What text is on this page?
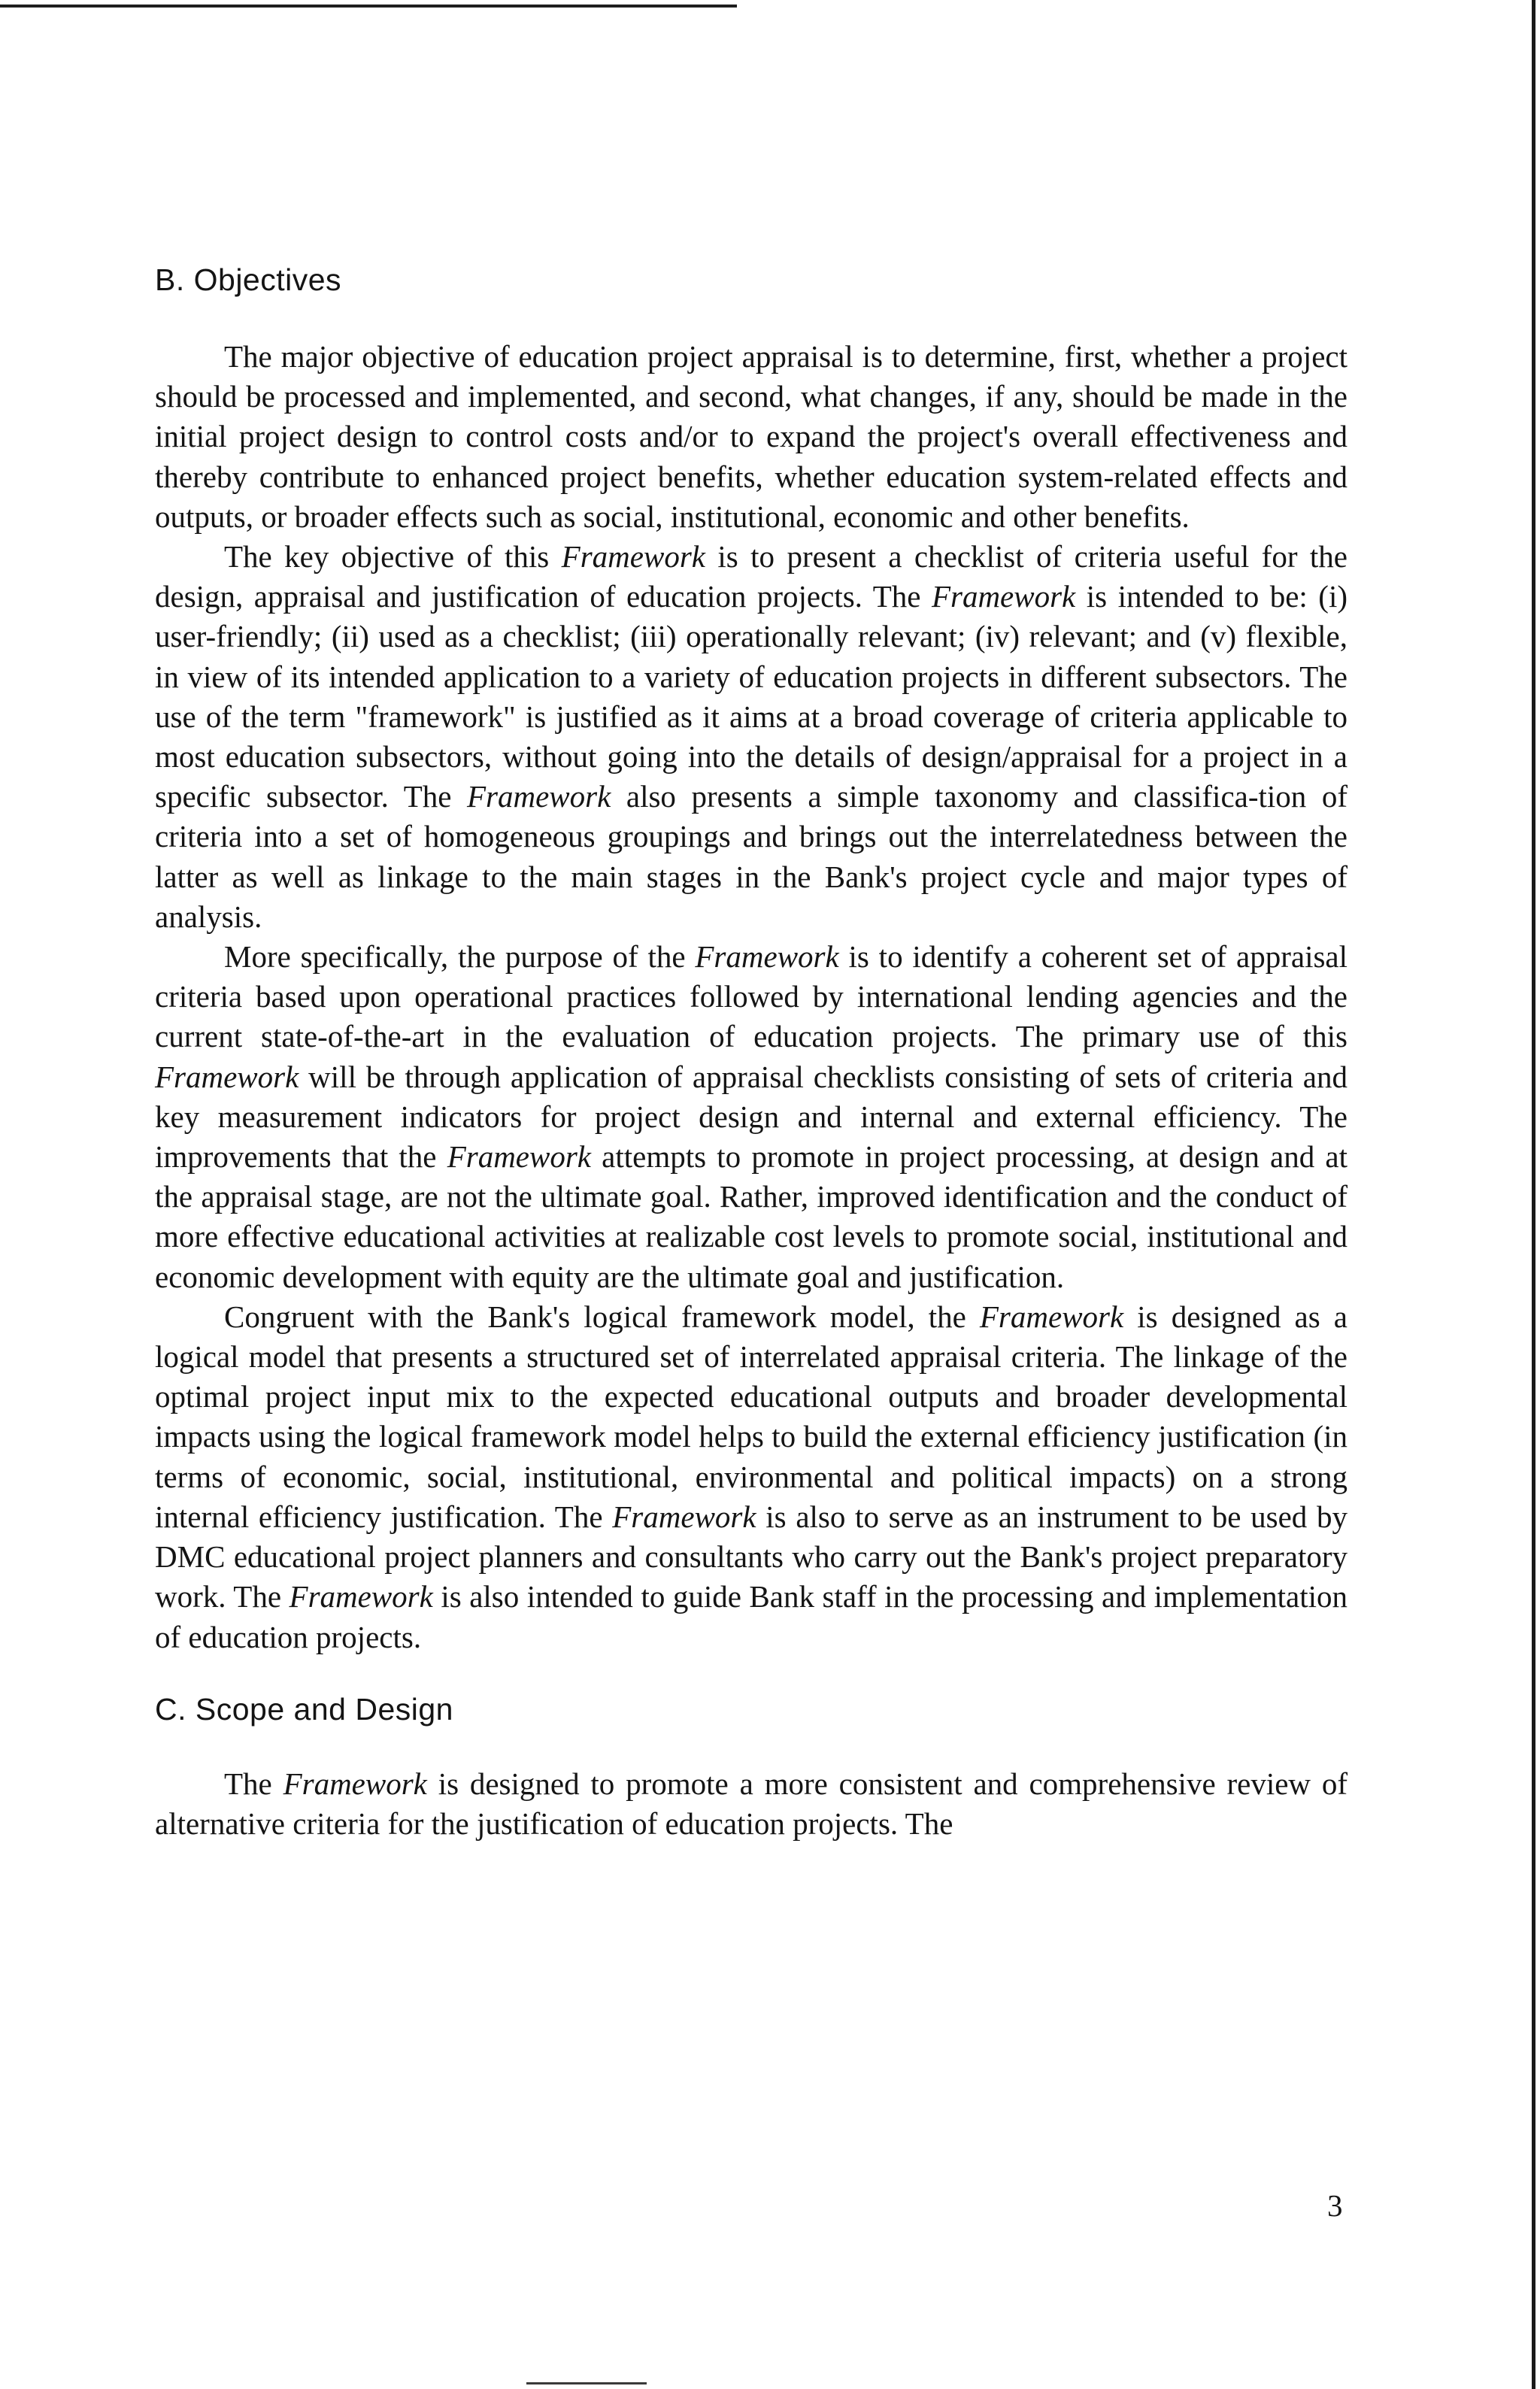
B. Objectives

The major objective of education project appraisal is to determine, first, whether a project should be processed and implemented, and second, what changes, if any, should be made in the initial project design to control costs and/or to expand the project's overall effectiveness and thereby contribute to enhanced project benefits, whether education system-related effects and outputs, or broader effects such as social, institutional, economic and other benefits.

The key objective of this Framework is to present a checklist of criteria useful for the design, appraisal and justification of education projects. The Framework is intended to be: (i) user-friendly; (ii) used as a checklist; (iii) operationally relevant; (iv) relevant; and (v) flexible, in view of its intended application to a variety of education projects in different subsectors. The use of the term "framework" is justified as it aims at a broad coverage of criteria applicable to most education subsectors, without going into the details of design/appraisal for a project in a specific subsector. The Framework also presents a simple taxonomy and classifica-tion of criteria into a set of homogeneous groupings and brings out the interrelatedness between the latter as well as linkage to the main stages in the Bank's project cycle and major types of analysis.

More specifically, the purpose of the Framework is to identify a coherent set of appraisal criteria based upon operational practices followed by international lending agencies and the current state-of-the-art in the evaluation of education projects. The primary use of this Framework will be through application of appraisal checklists consisting of sets of criteria and key measurement indicators for project design and internal and external efficiency. The improvements that the Framework attempts to promote in project processing, at design and at the appraisal stage, are not the ultimate goal. Rather, improved identification and the conduct of more effective educational activities at realizable cost levels to promote social, institutional and economic development with equity are the ultimate goal and justification.

Congruent with the Bank's logical framework model, the Framework is designed as a logical model that presents a structured set of interrelated appraisal criteria. The linkage of the optimal project input mix to the expected educational outputs and broader developmental impacts using the logical framework model helps to build the external efficiency justification (in terms of economic, social, institutional, environmental and political impacts) on a strong internal efficiency justification. The Framework is also to serve as an instrument to be used by DMC educational project planners and consultants who carry out the Bank's project preparatory work. The Framework is also intended to guide Bank staff in the processing and implementation of education projects.

C. Scope and Design

The Framework is designed to promote a more consistent and comprehensive review of alternative criteria for the justification of education projects. The

3
